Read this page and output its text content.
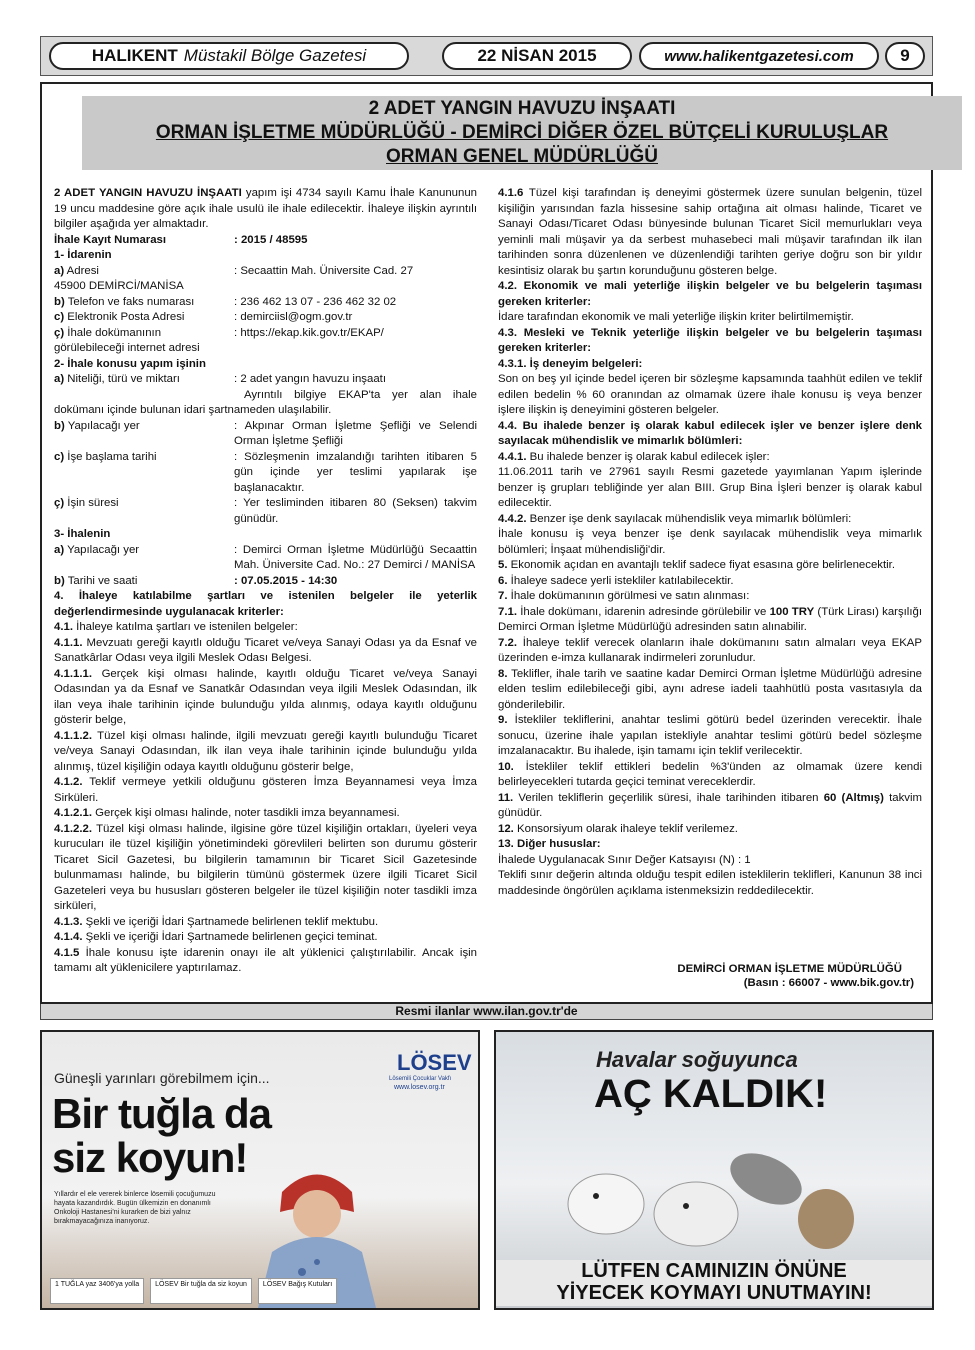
HALIKENT Müstakil Bölge Gazetesi	22 NİSAN 2015	www.halikentgazetesi.com	9
2 ADET YANGIN HAVUZU İNŞAATI
ORMAN İŞLETME MÜDÜRLÜĞÜ - DEMİRCİ DİĞER ÖZEL BÜTÇELİ KURULUŞLAR
ORMAN GENEL MÜDÜRLÜĞÜ

2 ADET YANGIN HAVUZU İNŞAATI yapım işi 4734 sayılı Kamu İhale Kanununun 19 uncu maddesine göre açık ihale usulü ile ihale edilecektir. İhaleye ilişkin ayrıntılı bilgiler aşağıda yer almaktadır.

İhale Kayıt Numarası	: 2015 / 48595

1- İdarenin

a) Adresi	: Secaattin Mah. Üniversite Cad. 27

45900 DEMİRCİ/MANİSA

b) Telefon ve faks numarası	: 236 462 13 07 - 236 462 32 02
c) Elektronik Posta Adresi	: demirciisl@ogm.gov.tr
ç) İhale dokümanının	: https://ekap.kik.gov.tr/EKAP/

görülebileceği internet adresi

2- İhale konusu yapım işinin

a) Niteliği, türü ve miktarı	: 2 adet yangın havuzu inşaatı

Ayrıntılı bilgiye EKAP'ta yer alan ihale dokümanı içinde bulunan idari şartnameden ulaşılabilir.

b) Yapılacağı yer	: Akpınar Orman İşletme Şefliği ve Selendi Orman İşletme Şefliği
c) İşe başlama tarihi	: Sözleşmenin imzalandığı tarihten itibaren 5 gün içinde yer teslimi yapılarak işe başlanacaktır.
ç) İşin süresi	: Yer tesliminden itibaren 80 (Seksen) takvim günüdür.

3- İhalenin

a) Yapılacağı yer	: Demirci Orman İşletme Müdürlüğü Secaattin Mah. Üniversite Cad. No.: 27 Demirci / MANİSA
b) Tarihi ve saati	: 07.05.2015 - 14:30

4. İhaleye katılabilme şartları ve istenilen belgeler ile yeterlik değerlendirmesinde uygulanacak kriterler:

4.1. İhaleye katılma şartları ve istenilen belgeler:

4.1.1. Mevzuatı gereği kayıtlı olduğu Ticaret ve/veya Sanayi Odası ya da Esnaf ve Sanatkârlar Odası veya ilgili Meslek Odası Belgesi.

4.1.1.1. Gerçek kişi olması halinde, kayıtlı olduğu Ticaret ve/veya Sanayi Odasından ya da Esnaf ve Sanatkâr Odasından veya ilgili Meslek Odasından, ilk ilan veya ihale tarihinin içinde bulunduğu yılda alınmış, odaya kayıtlı olduğunu gösterir belge,

4.1.1.2. Tüzel kişi olması halinde, ilgili mevzuatı gereği kayıtlı bulunduğu Ticaret ve/veya Sanayi Odasından, ilk ilan veya ihale tarihinin içinde bulunduğu yılda alınmış, tüzel kişiliğin odaya kayıtlı olduğunu gösterir belge,

4.1.2. Teklif vermeye yetkili olduğunu gösteren İmza Beyannamesi veya İmza Sirküleri.

4.1.2.1. Gerçek kişi olması halinde, noter tasdikli imza beyannamesi.

4.1.2.2. Tüzel kişi olması halinde, ilgisine göre tüzel kişiliğin ortakları, üyeleri veya kurucuları ile tüzel kişiliğin yönetimindeki görevlileri belirten son durumu gösterir Ticaret Sicil Gazetesi, bu bilgilerin tamamının bir Ticaret Sicil Gazetesinde bulunmaması halinde, bu bilgilerin tümünü göstermek üzere ilgili Ticaret Sicil Gazeteleri veya bu hususları gösteren belgeler ile tüzel kişiliğin noter tasdikli imza sirküleri,

4.1.3. Şekli ve içeriği İdari Şartnamede belirlenen teklif mektubu.

4.1.4. Şekli ve içeriği İdari Şartnamede belirlenen geçici teminat.

4.1.5 İhale konusu işte idarenin onayı ile alt yüklenici çalıştırılabilir. Ancak işin tamamı alt yüklenicilere yaptırılamaz.

4.1.6 Tüzel kişi tarafından iş deneyimi göstermek üzere sunulan belgenin, tüzel kişiliğin yarısından fazla hissesine sahip ortağına ait olması halinde, Ticaret ve Sanayi Odası/Ticaret Odası bünyesinde bulunan Ticaret Sicil memurlukları veya yeminli mali müşavir ya da serbest muhasebeci mali müşavir tarafından ilk ilan tarihinden sonra düzenlenen ve düzenlendiği tarihten geriye doğru son bir yıldır kesintisiz olarak bu şartın korunduğunu gösteren belge.

4.2. Ekonomik ve mali yeterliğe ilişkin belgeler ve bu belgelerin taşıması gereken kriterler:

İdare tarafından ekonomik ve mali yeterliğe ilişkin kriter belirtilmemiştir.

4.3. Mesleki ve Teknik yeterliğe ilişkin belgeler ve bu belgelerin taşıması gereken kriterler:

4.3.1. İş deneyim belgeleri:

Son on beş yıl içinde bedel içeren bir sözleşme kapsamında taahhüt edilen ve teklif edilen bedelin % 60 oranından az olmamak üzere ihale konusu iş veya benzer işlere ilişkin iş deneyimini gösteren belgeler.

4.4. Bu ihalede benzer iş olarak kabul edilecek işler ve benzer işlere denk sayılacak mühendislik ve mimarlık bölümleri:

4.4.1. Bu ihalede benzer iş olarak kabul edilecek işler:

11.06.2011 tarih ve 27961 sayılı Resmi gazetede yayımlanan Yapım işlerinde benzer iş grupları tebliğinde yer alan BIII. Grup Bina İşleri benzer iş olarak kabul edilecektir.

4.4.2. Benzer işe denk sayılacak mühendislik veya mimarlık bölümleri:

İhale konusu iş veya benzer işe denk sayılacak mühendislik veya mimarlık bölümleri; İnşaat mühendisliği'dir.

5. Ekonomik açıdan en avantajlı teklif sadece fiyat esasına göre belirlenecektir.

6. İhaleye sadece yerli istekliler katılabilecektir.

7. İhale dokümanının görülmesi ve satın alınması:

7.1. İhale dokümanı, idarenin adresinde görülebilir ve 100 TRY (Türk Lirası) karşılığı Demirci Orman İşletme Müdürlüğü adresinden satın alınabilir.

7.2. İhaleye teklif verecek olanların ihale dokümanını satın almaları veya EKAP üzerinden e-imza kullanarak indirmeleri zorunludur.

8. Teklifler, ihale tarih ve saatine kadar Demirci Orman İşletme Müdürlüğü adresine elden teslim edilebileceği gibi, aynı adrese iadeli taahhütlü posta vasıtasıyla da gönderilebilir.

9. İstekliler tekliflerini, anahtar teslimi götürü bedel üzerinden verecektir. İhale sonucu, üzerine ihale yapılan istekliyle anahtar teslimi götürü bedel sözleşme imzalanacaktır. Bu ihalede, işin tamamı için teklif verilecektir.

10. İstekliler teklif ettikleri bedelin %3'ünden az olmamak üzere kendi belirleyecekleri tutarda geçici teminat vereceklerdir.

11. Verilen tekliflerin geçerlilik süresi, ihale tarihinden itibaren 60 (Altmış) takvim günüdür.

12. Konsorsiyum olarak ihaleye teklif verilemez.

13. Diğer hususlar:

İhalede Uygulanacak Sınır Değer Katsayısı (N) : 1

Teklifi sınır değerin altında olduğu tespit edilen isteklilerin teklifleri, Kanunun 38 inci maddesinde öngörülen açıklama istenmeksizin reddedilecektir.

DEMİRCİ ORMAN İŞLETME MÜDÜRLÜĞÜ
(Basın : 66007 - www.bik.gov.tr)
Resmi ilanlar www.ilan.gov.tr'de
Güneşli yarınları görebilmem için...
Bir tuğla da
siz koyun!
Yıllardır el ele vererek binlerce lösemili çocuğumuzu hayata kazandırdık. Bugün ülkemizin en donanımlı Onkoloji Hastanesi'ni kurarken de bizi yalnız bırakmayacağınıza inanıyoruz.
LÖSEV
Lösemili Çocuklar Vakfı
www.losev.org.tr
1 TUĞLA yaz 3406'ya yolla	LÖSEV Bir tuğla da siz koyun	LÖSEV Bağış Kutuları
Havalar soğuyunca
AÇ KALDIK!
LÜTFEN CAMINIZIN ÖNÜNE
YİYECEK KOYMAYI UNUTMAYIN!
